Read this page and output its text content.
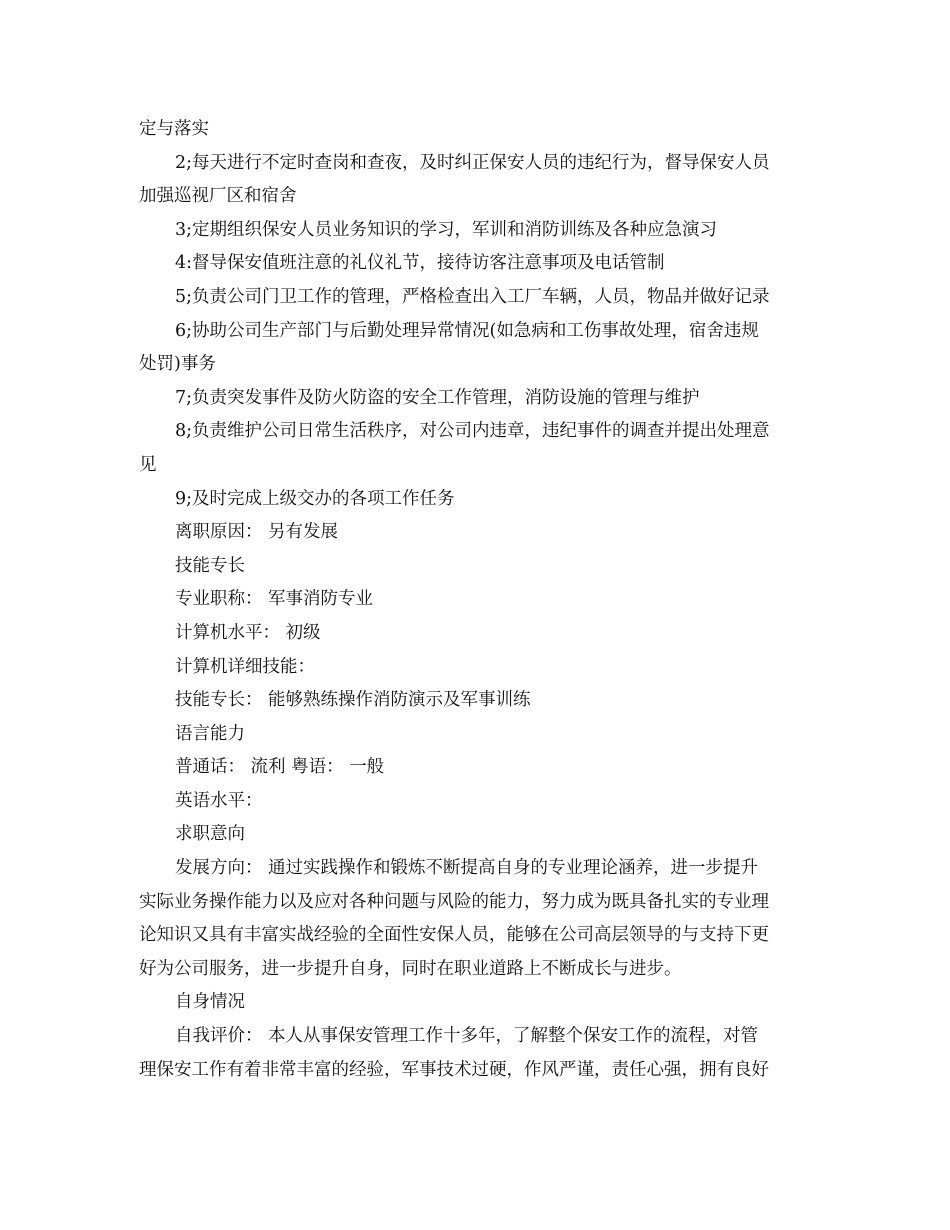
定与落实

2;每天进行不定时查岗和查夜，及时纠正保安人员的违纪行为，督导保安人员

加强巡视厂区和宿舍

3;定期组织保安人员业务知识的学习，军训和消防训练及各种应急演习

4:督导保安值班注意的礼仪礼节，接待访客注意事项及电话管制

5;负责公司门卫工作的管理，严格检查出入工厂车辆，人员，物品并做好记录

6;协助公司生产部门与后勤处理异常情况(如急病和工伤事故处理，宿舍违规

处罚)事务

7;负责突发事件及防火防盗的安全工作管理，消防设施的管理与维护

8;负责维护公司日常生活秩序，对公司内违章，违纪事件的调查并提出处理意

见

9;及时完成上级交办的各项工作任务

离职原因： 另有发展

技能专长

专业职称： 军事消防专业

计算机水平： 初级

计算机详细技能：

技能专长： 能够熟练操作消防演示及军事训练

语言能力

普通话： 流利 粤语： 一般

英语水平：

求职意向

发展方向： 通过实践操作和锻炼不断提高自身的专业理论涵养，进一步提升

实际业务操作能力以及应对各种问题与风险的能力，努力成为既具备扎实的专业理

论知识又具有丰富实战经验的全面性安保人员，能够在公司高层领导的与支持下更

好为公司服务，进一步提升自身，同时在职业道路上不断成长与进步。

自身情况

自我评价： 本人从事保安管理工作十多年，了解整个保安工作的流程，对管

理保安工作有着非常丰富的经验，军事技术过硬，作风严谨，责任心强，拥有良好
